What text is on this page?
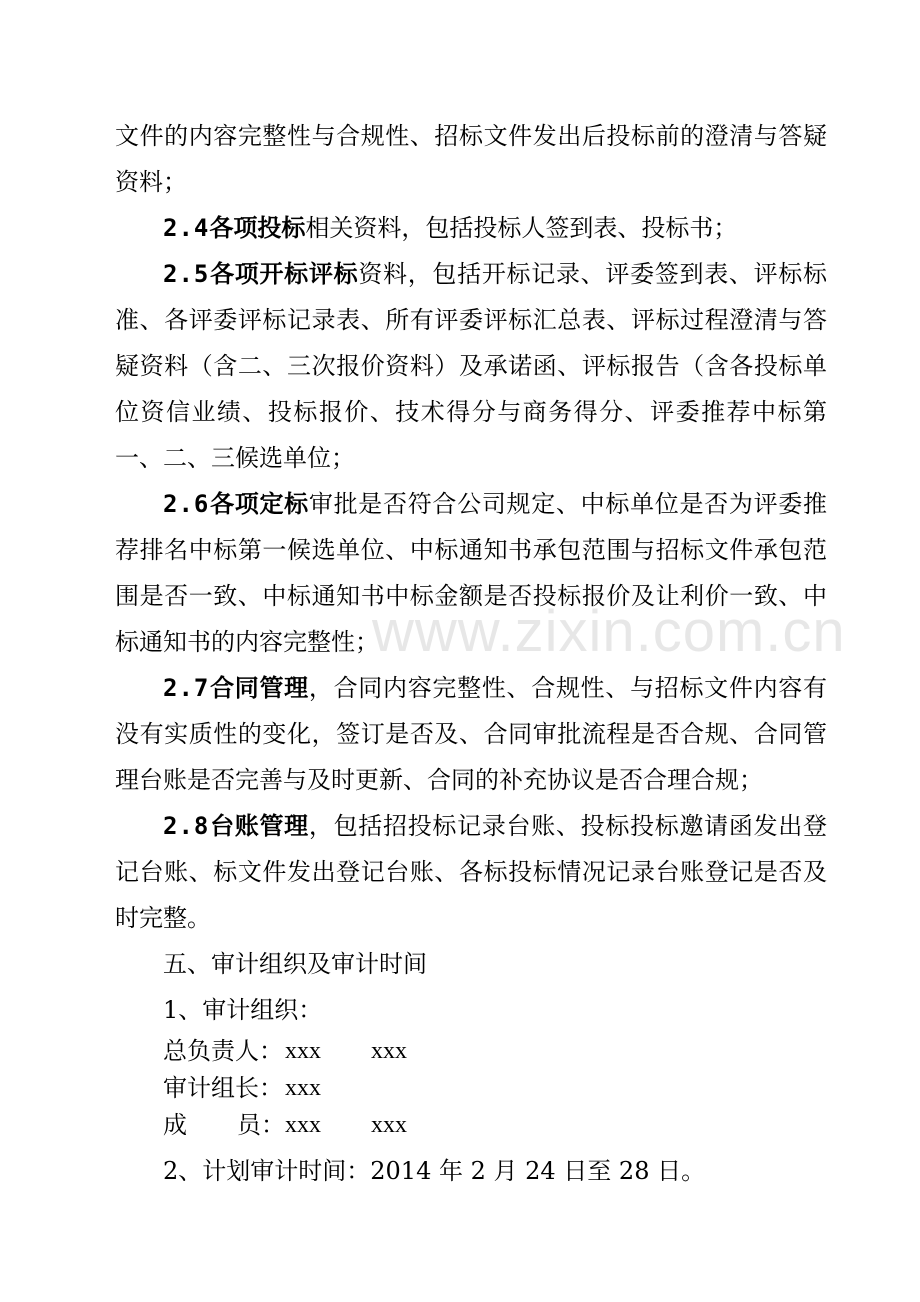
文件的内容完整性与合规性、招标文件发出后投标前的澄清与答疑资料；

2.4各项投标相关资料，包括投标人签到表、投标书；

2.5各项开标评标资料，包括开标记录、评委签到表、评标标准、各评委评标记录表、所有评委评标汇总表、评标过程澄清与答疑资料（含二、三次报价资料）及承诺函、评标报告（含各投标单位资信业绩、投标报价、技术得分与商务得分、评委推荐中标第一、二、三候选单位；

2.6各项定标审批是否符合公司规定、中标单位是否为评委推荐排名中标第一候选单位、中标通知书承包范围与招标文件承包范围是否一致、中标通知书中标金额是否投标报价及让利价一致、中标通知书的内容完整性；

2.7合同管理，合同内容完整性、合规性、与招标文件内容有没有实质性的变化，签订是否及、合同审批流程是否合规、合同管理台账是否完善与及时更新、合同的补充协议是否合理合规；

2.8台账管理，包括招投标记录台账、投标投标邀请函发出登记台账、标文件发出登记台账、各标投标情况记录台账登记是否及时完整。

五、审计组织及审计时间

1、审计组织：

总负责人： xxx	xxx
审计组长： xxx
成 员： xxx	xxx

2、计划审计时间：2014 年 2 月 24 日至 28 日。

www.zixin.com.cn
